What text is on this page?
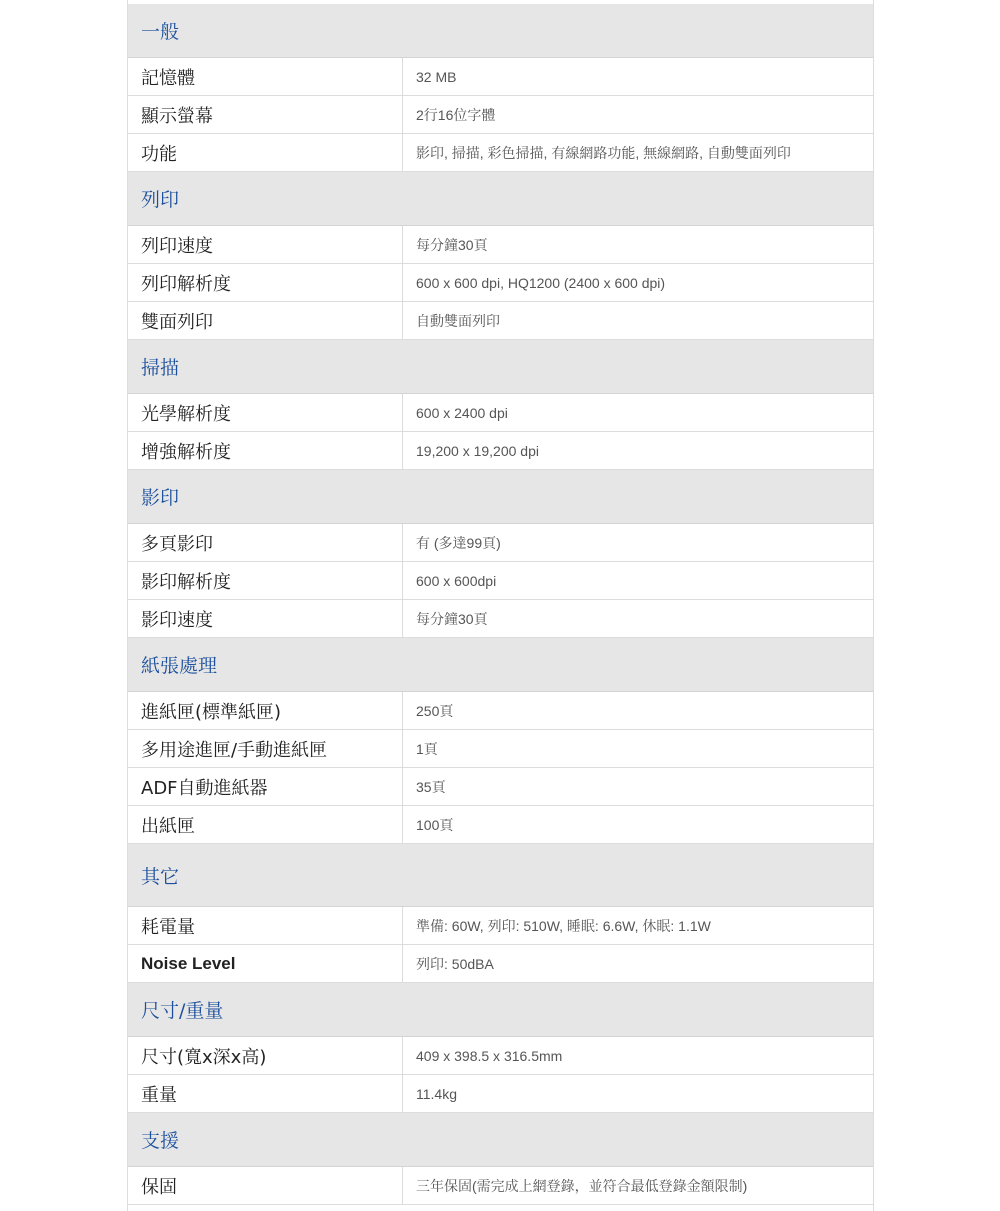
一般
記憶體	32 MB
顯示螢幕	2行16位字體
功能	影印, 掃描, 彩色掃描, 有線網路功能, 無線網路, 自動雙面列印
列印
列印速度	每分鐘30頁
列印解析度	600 x 600 dpi, HQ1200 (2400 x 600 dpi)
雙面列印	自動雙面列印
掃描
光學解析度	600 x 2400 dpi
增強解析度	19,200 x 19,200 dpi
影印
多頁影印	有 (多達99頁)
影印解析度	600 x 600dpi
影印速度	每分鐘30頁
紙張處理
進紙匣(標準紙匣)	250頁
多用途進匣/手動進紙匣	1頁
ADF自動進紙器	35頁
出紙匣	100頁
其它
耗電量	準備: 60W, 列印: 510W, 睡眠: 6.6W, 休眠: 1.1W
Noise Level	列印: 50dBA
尺寸/重量
尺寸(寬x深x高)	409 x 398.5 x 316.5mm
重量	11.4kg
支援
保固	三年保固(需完成上網登錄，並符合最低登錄金額限制)
